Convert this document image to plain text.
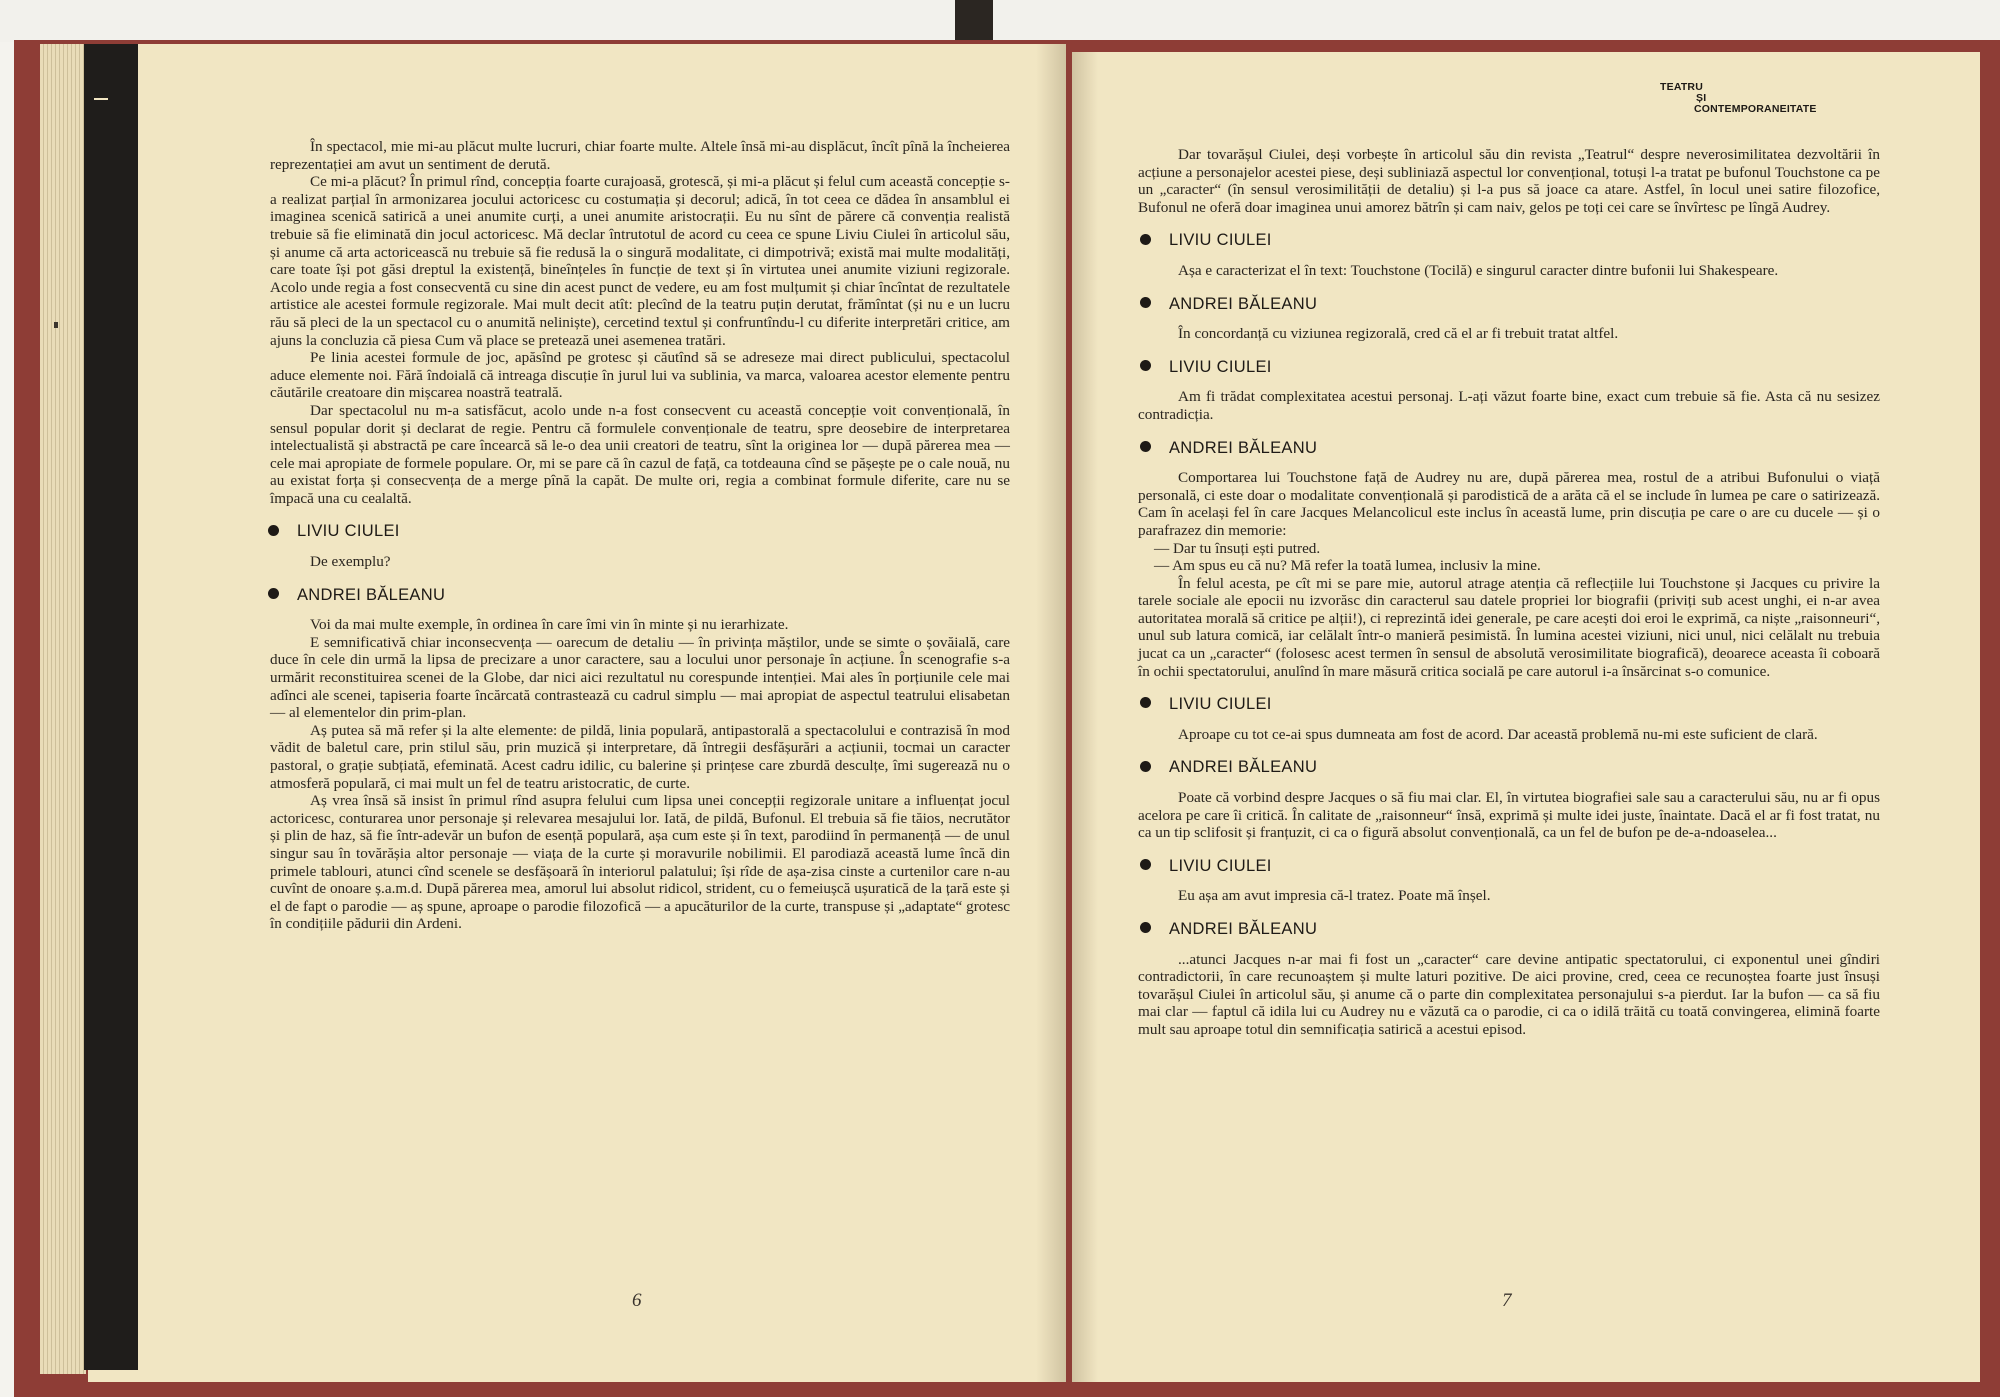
TEATRU
ȘI
CONTEMPORANEITATE

În spectacol, mie mi-au plăcut multe lucruri, chiar foarte multe. Altele însă mi-au displăcut, încît pînă la încheierea reprezentației am avut un sentiment de derută.

Ce mi-a plăcut? În primul rînd, concepția foarte curajoasă, grotescă, și mi-a plăcut și felul cum această concepție s-a realizat parțial în armonizarea jocului actoricesc cu costumația și decorul; adică, în tot ceea ce dădea în ansamblul ei imaginea scenică satirică a unei anumite curți, a unei anumite aristocrații. Eu nu sînt de părere că convenția realistă trebuie să fie eliminată din jocul actoricesc. Mă declar întrutotul de acord cu ceea ce spune Liviu Ciulei în articolul său, și anume că arta actoricească nu trebuie să fie redusă la o singură modalitate, ci dimpotrivă; există mai multe modalități, care toate își pot găsi dreptul la existență, bineînțeles în funcție de text și în virtutea unei anumite viziuni regizorale. Acolo unde regia a fost consecventă cu sine din acest punct de vedere, eu am fost mulțumit și chiar încîntat de rezultatele artistice ale acestei formule regizorale. Mai mult decit atît: plecînd de la teatru puțin derutat, frămîntat (și nu e un lucru rău să pleci de la un spectacol cu o anumită neliniște), cercetind textul și confruntîndu-l cu diferite interpretări critice, am ajuns la concluzia că piesa Cum vă place se pretează unei asemenea tratări.

Pe linia acestei formule de joc, apăsînd pe grotesc și căutînd să se adreseze mai direct publicului, spectacolul aduce elemente noi. Fără îndoială că intreaga discuție în jurul lui va sublinia, va marca, valoarea acestor elemente pentru căutările creatoare din mișcarea noastră teatrală.

Dar spectacolul nu m-a satisfăcut, acolo unde n-a fost consecvent cu această concepție voit convențională, în sensul popular dorit și declarat de regie. Pentru că formulele convenționale de teatru, spre deosebire de interpretarea intelectualistă și abstractă pe care încearcă să le-o dea unii creatori de teatru, sînt la originea lor — după părerea mea — cele mai apropiate de formele populare. Or, mi se pare că în cazul de față, ca totdeauna cînd se pășește pe o cale nouă, nu au existat forța și consecvența de a merge pînă la capăt. De multe ori, regia a combinat formule diferite, care nu se împacă una cu cealaltă.

LIVIU CIULEI

De exemplu?

ANDREI BĂLEANU

Voi da mai multe exemple, în ordinea în care îmi vin în minte și nu ierarhizate.

E semnificativă chiar inconsecvența — oarecum de detaliu — în privința măștilor, unde se simte o șovăială, care duce în cele din urmă la lipsa de precizare a unor caractere, sau a locului unor personaje în acțiune. În scenografie s-a urmărit reconstituirea scenei de la Globe, dar nici aici rezultatul nu corespunde intenției. Mai ales în porțiunile cele mai adînci ale scenei, tapiseria foarte încărcată contrastează cu cadrul simplu — mai apropiat de aspectul teatrului elisabetan — al elementelor din prim-plan.

Aș putea să mă refer și la alte elemente: de pildă, linia populară, antipastorală a spectacolului e contrazisă în mod vădit de baletul care, prin stilul său, prin muzică și interpretare, dă întregii desfășurări a acțiunii, tocmai un caracter pastoral, o grație subțiată, efeminată. Acest cadru idilic, cu balerine și prințese care zburdă desculțe, îmi sugerează nu o atmosferă populară, ci mai mult un fel de teatru aristocratic, de curte.

Aș vrea însă să insist în primul rînd asupra felului cum lipsa unei concepții regizorale unitare a influențat jocul actoricesc, conturarea unor personaje și relevarea mesajului lor. Iată, de pildă, Bufonul. El trebuia să fie tăios, necrutător și plin de haz, să fie într-adevăr un bufon de esență populară, așa cum este și în text, parodiind în permanență — de unul singur sau în tovărășia altor personaje — viața de la curte și moravurile nobilimii. El parodiază această lume încă din primele tablouri, atunci cînd scenele se desfășoară în interiorul palatului; își rîde de așa-zisa cinste a curtenilor care n-au cuvînt de onoare ș.a.m.d. După părerea mea, amorul lui absolut ridicol, strident, cu o femeiușcă ușuratică de la țară este și el de fapt o parodie — aș spune, aproape o parodie filozofică — a apucăturilor de la curte, transpuse și „adaptate“ grotesc în condițiile pădurii din Ardeni.

Dar tovarășul Ciulei, deși vorbește în articolul său din revista „Teatrul“ despre neverosimilitatea dezvoltării în acțiune a personajelor acestei piese, deși subliniază aspectul lor convențional, totuși l-a tratat pe bufonul Touchstone ca pe un „caracter“ (în sensul verosimilității de detaliu) și l-a pus să joace ca atare. Astfel, în locul unei satire filozofice, Bufonul ne oferă doar imaginea unui amorez bătrîn și cam naiv, gelos pe toți cei care se învîrtesc pe lîngă Audrey.

LIVIU CIULEI

Așa e caracterizat el în text: Touchstone (Tocilă) e singurul caracter dintre bufonii lui Shakespeare.

ANDREI BĂLEANU

În concordanță cu viziunea regizorală, cred că el ar fi trebuit tratat altfel.

LIVIU CIULEI

Am fi trădat complexitatea acestui personaj. L-ați văzut foarte bine, exact cum trebuie să fie. Asta că nu sesizez contradicția.

ANDREI BĂLEANU

Comportarea lui Touchstone față de Audrey nu are, după părerea mea, rostul de a atribui Bufonului o viață personală, ci este doar o modalitate convențională și parodistică de a arăta că el se include în lumea pe care o satirizează. Cam în același fel în care Jacques Melancolicul este inclus în această lume, prin discuția pe care o are cu ducele — și o parafrazez din memorie:

— Dar tu însuți ești putred.

— Am spus eu că nu? Mă refer la toată lumea, inclusiv la mine.

În felul acesta, pe cît mi se pare mie, autorul atrage atenția că reflecțiile lui Touchstone și Jacques cu privire la tarele sociale ale epocii nu izvorăsc din caracterul sau datele propriei lor biografii (priviți sub acest unghi, ei n-ar avea autoritatea morală să critice pe alții!), ci reprezintă idei generale, pe care acești doi eroi le exprimă, ca niște „raisonneuri“, unul sub latura comică, iar celălalt într-o manieră pesimistă. În lumina acestei viziuni, nici unul, nici celălalt nu trebuia jucat ca un „caracter“ (folosesc acest termen în sensul de absolută verosimilitate biografică), deoarece aceasta îi coboară în ochii spectatorului, anulînd în mare măsură critica socială pe care autorul i-a însărcinat s-o comunice.

LIVIU CIULEI

Aproape cu tot ce-ai spus dumneata am fost de acord. Dar această problemă nu-mi este suficient de clară.

ANDREI BĂLEANU

Poate că vorbind despre Jacques o să fiu mai clar. El, în virtutea biografiei sale sau a caracterului său, nu ar fi opus acelora pe care îi critică. În calitate de „raisonneur“ însă, exprimă și multe idei juste, înaintate. Dacă el ar fi fost tratat, nu ca un tip sclifosit și franțuzit, ci ca o figură absolut convențională, ca un fel de bufon pe de-a-ndoaselea...

LIVIU CIULEI

Eu așa am avut impresia că-l tratez. Poate mă înșel.

ANDREI BĂLEANU

...atunci Jacques n-ar mai fi fost un „caracter“ care devine antipatic spectatorului, ci exponentul unei gîndiri contradictorii, în care recunoaștem și multe laturi pozitive. De aici provine, cred, ceea ce recunoștea foarte just însuși tovarășul Ciulei în articolul său, și anume că o parte din complexitatea personajului s-a pierdut. Iar la bufon — ca să fiu mai clar — faptul că idila lui cu Audrey nu e văzută ca o parodie, ci ca o idilă trăită cu toată convingerea, elimină foarte mult sau aproape totul din semnificația satirică a acestui episod.

6	7
